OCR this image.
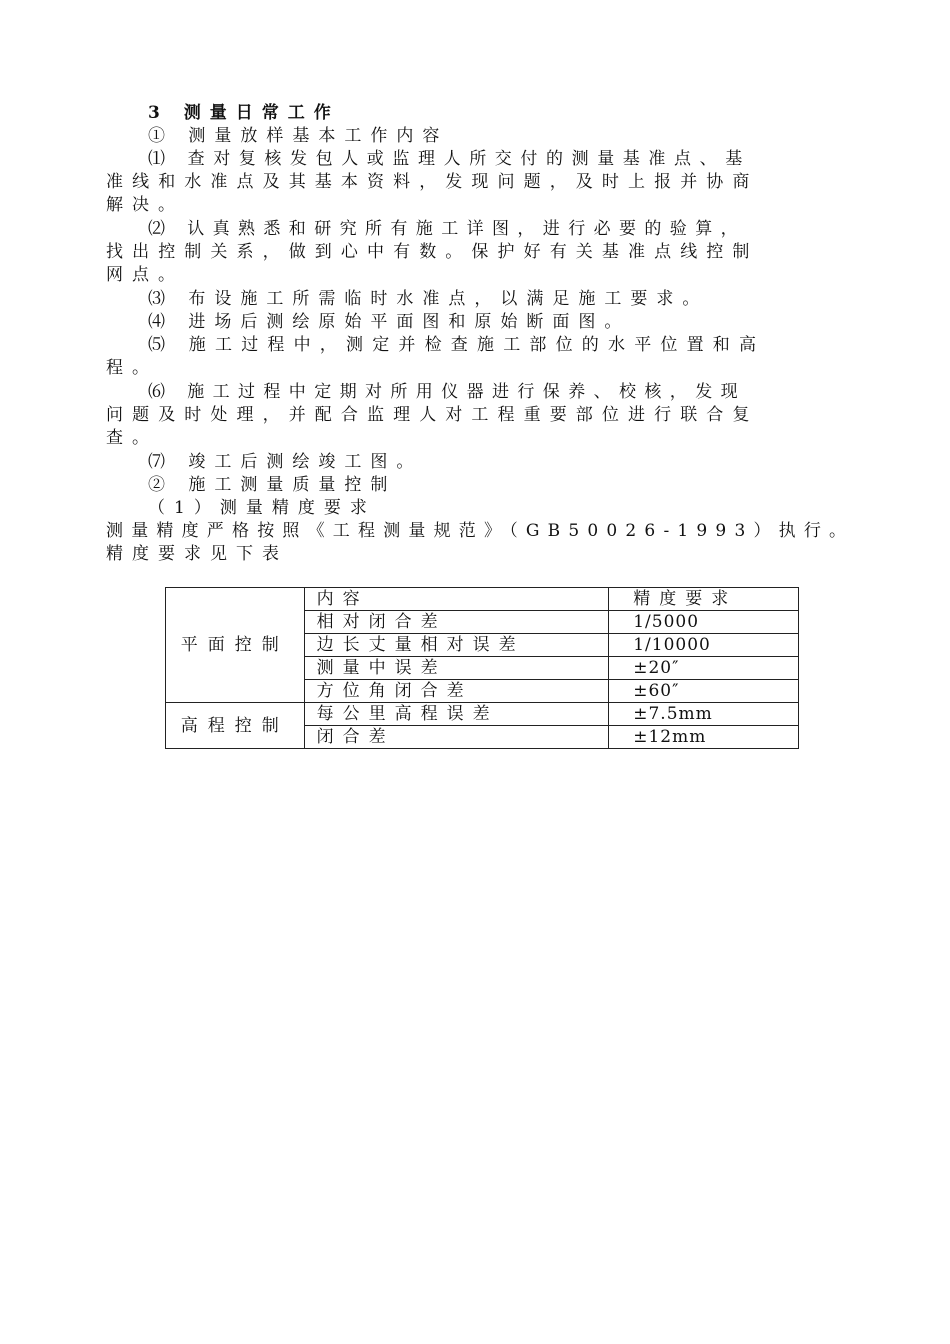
3 测量日常工作
① 测量放样基本工作内容
⑴ 查对复核发包人或监理人所交付的测量基准点、基
准线和水准点及其基本资料，发现问题，及时上报并协商
解决。
⑵ 认真熟悉和研究所有施工详图，进行必要的验算，
找出控制关系，做到心中有数。保护好有关基准点线控制
网点。
⑶ 布设施工所需临时水准点，以满足施工要求。
⑷ 进场后测绘原始平面图和原始断面图。
⑸ 施工过程中，测定并检查施工部位的水平位置和高
程。
⑹ 施工过程中定期对所用仪器进行保养、校核，发现
问题及时处理，并配合监理人对工程重要部位进行联合复
查。
⑺ 竣工后测绘竣工图。
② 施工测量质量控制
（1）测量精度要求
测量精度严格按照《工程测量规范》（GB50026-1993）执行。
精度要求见下表
平面控制	内容	精度要求
	相对闭合差	1/5000
	边长丈量相对误差	1/10000
	测量中误差	±20″
	方位角闭合差	±60″
高程控制	每公里高程误差	±7.5mm
	闭合差	±12mm
